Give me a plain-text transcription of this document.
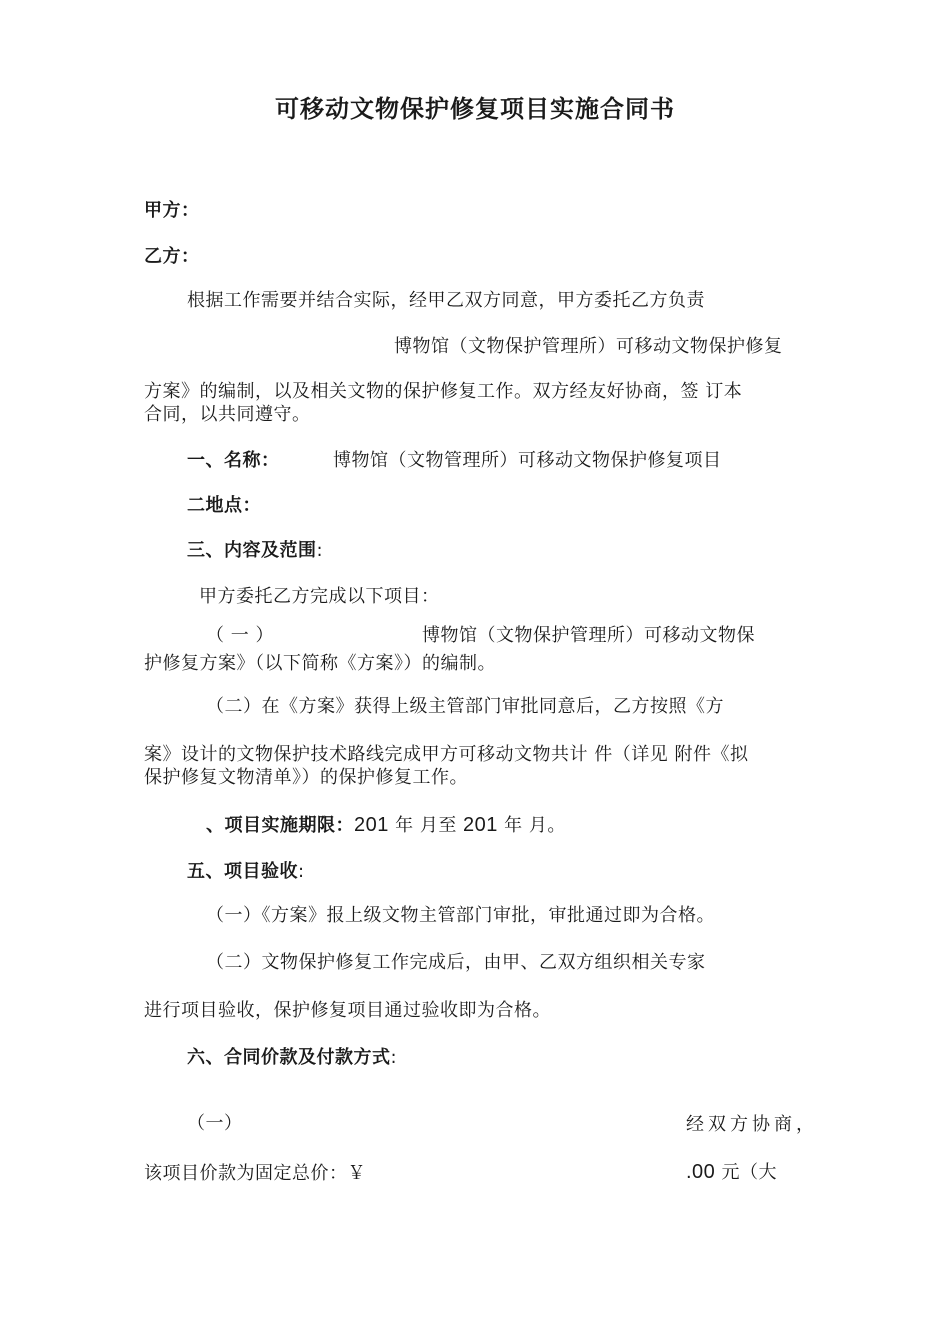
可移动文物保护修复项目实施合同书
甲方：
乙方：
根据工作需要并结合实际，经甲乙双方同意，甲方委托乙方负责
博物馆（文物保护管理所）可移动文物保护修复
方案》的编制，以及相关文物的保护修复工作。双方经友好协商，签 订本
合同，以共同遵守。
一、名称：	博物馆（文物管理所）可移动文物保护修复项目
二地点：
三、内容及范围:
甲方委托乙方完成以下项目：
（ 一 ）	博物馆（文物保护管理所）可移动文物保
护修复方案》（以下简称《方案》）的编制。
（二）在《方案》获得上级主管部门审批同意后，乙方按照《方
案》设计的文物保护技术路线完成甲方可移动文物共计 件（详见 附件《拟
保护修复文物清单》）的保护修复工作。
、项目实施期限：201 年 月至 201 年 月。
五、项目验收:
（一）《方案》报上级文物主管部门审批，审批通过即为合格。
（二）文物保护修复工作完成后，由甲、乙双方组织相关专家
进行项目验收，保护修复项目通过验收即为合格。
六、合同价款及付款方式:
（一）	经双方协商，
该项目价款为固定总价：￥	.00 元（大
